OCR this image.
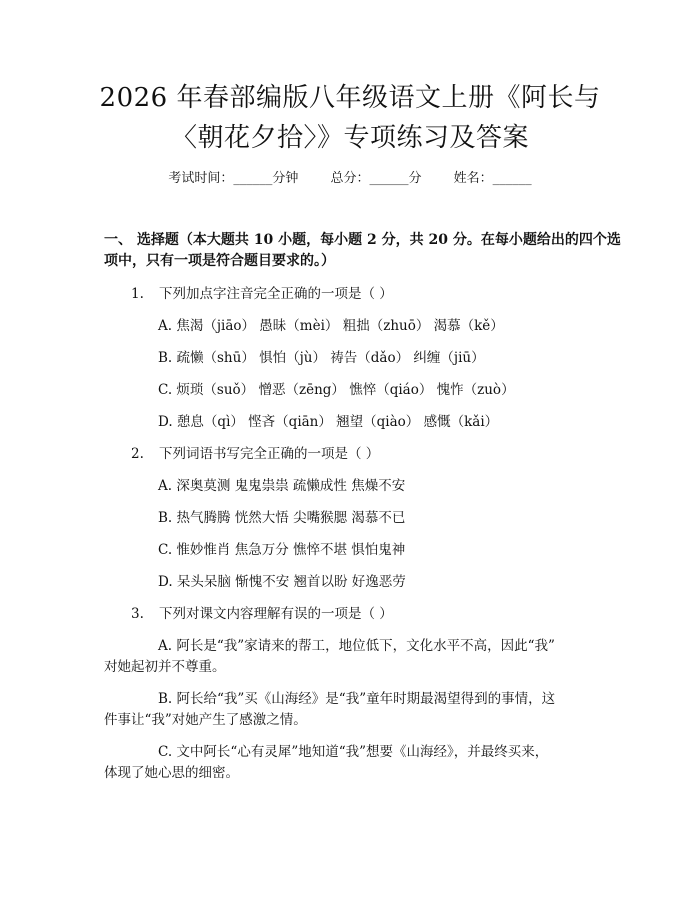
2026 年春部编版八年级语文上册《阿长与
〈朝花夕拾〉》专项练习及答案
考试时间：______分钟 总分：______分 姓名：______
一、 选择题（本大题共 10 小题，每小题 2 分，共 20 分。在每小题给出的四个选
项中，只有一项是符合题目要求的。）
1. 下列加点字注音完全正确的一项是（ ）
A. 焦渴（jiāo） 愚昧（mèi） 粗拙（zhuō） 渴慕（kě）
B. 疏懒（shū） 惧怕（jù） 祷告（dǎo） 纠缠（jiū）
C. 烦琐（suǒ） 憎恶（zēng） 憔悴（qiáo） 愧怍（zuò）
D. 憩息（qì） 悭吝（qiān） 翘望（qiào） 感慨（kǎi）
2. 下列词语书写完全正确的一项是（ ）
A. 深奥莫测 鬼鬼祟祟 疏懒成性 焦燥不安
B. 热气腾腾 恍然大悟 尖嘴猴腮 渴慕不已
C. 惟妙惟肖 焦急万分 憔悴不堪 惧怕鬼神
D. 呆头呆脑 惭愧不安 翘首以盼 好逸恶劳
3. 下列对课文内容理解有误的一项是（ ）
A. 阿长是“我”家请来的帮工，地位低下，文化水平不高，因此“我”
对她起初并不尊重。
B. 阿长给“我”买《山海经》是“我”童年时期最渴望得到的事情，这
件事让“我”对她产生了感激之情。
C. 文中阿长“心有灵犀”地知道“我”想要《山海经》，并最终买来，
体现了她心思的细密。
